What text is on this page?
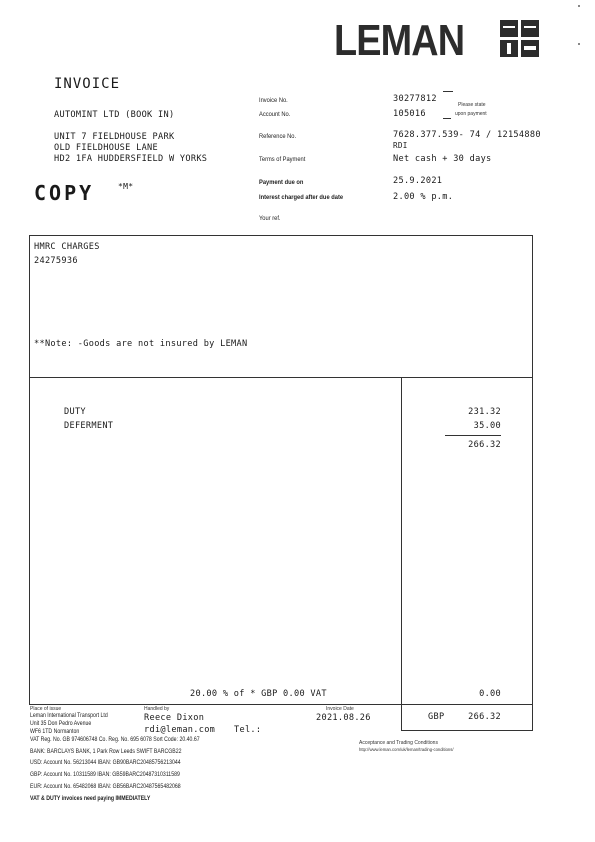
LEMAN
INVOICE
AUTOMINT LTD (BOOK IN)
UNIT 7 FIELDHOUSE PARK
OLD FIELDHOUSE LANE
HD2 1FA HUDDERSFIELD W YORKS
COPY	*M*
Invoice No.	30277812
Please state
upon payment
Account No.	105016
Reference No.	7628.377.539- 74 / 12154880
RDI
Terms of Payment	Net cash + 30 days
Payment due on	25.9.2021
Interest charged after due date	2.00 % p.m.
Your ref.
HMRC CHARGES
24275936
**Note: -Goods are not insured by LEMAN
DUTY	231.32
DEFERMENT	35.00
266.32
20.00 % of * GBP 0.00 VAT	0.00
GBP	266.32
Place of issue
Leman International Transport Ltd
Unit 35 Don Pedro Avenue
WF6 1TD Normanton
VAT Reg. No. GB 974606748 Co. Reg. No. 695 6078 Sort Code: 20.40.67
Handled by
Reece Dixon
rdi@leman.com Tel.:
Invoice Date
2021.08.26
BANK: BARCLAYS BANK, 1 Park Row Leeds SWIFT BARCGB22
USD: Account No. 56213044 IBAN: GB90BARC20485756213044
GBP: Account No. 10311589 IBAN: GB59BARC20487310311589
EUR: Account No. 65482068 IBAN: GB56BARC20487565482068
VAT & DUTY invoices need paying IMMEDIATELY
Acceptance and Trading Conditions
http://www.leman.com/uk/leman/trading-conditions/
